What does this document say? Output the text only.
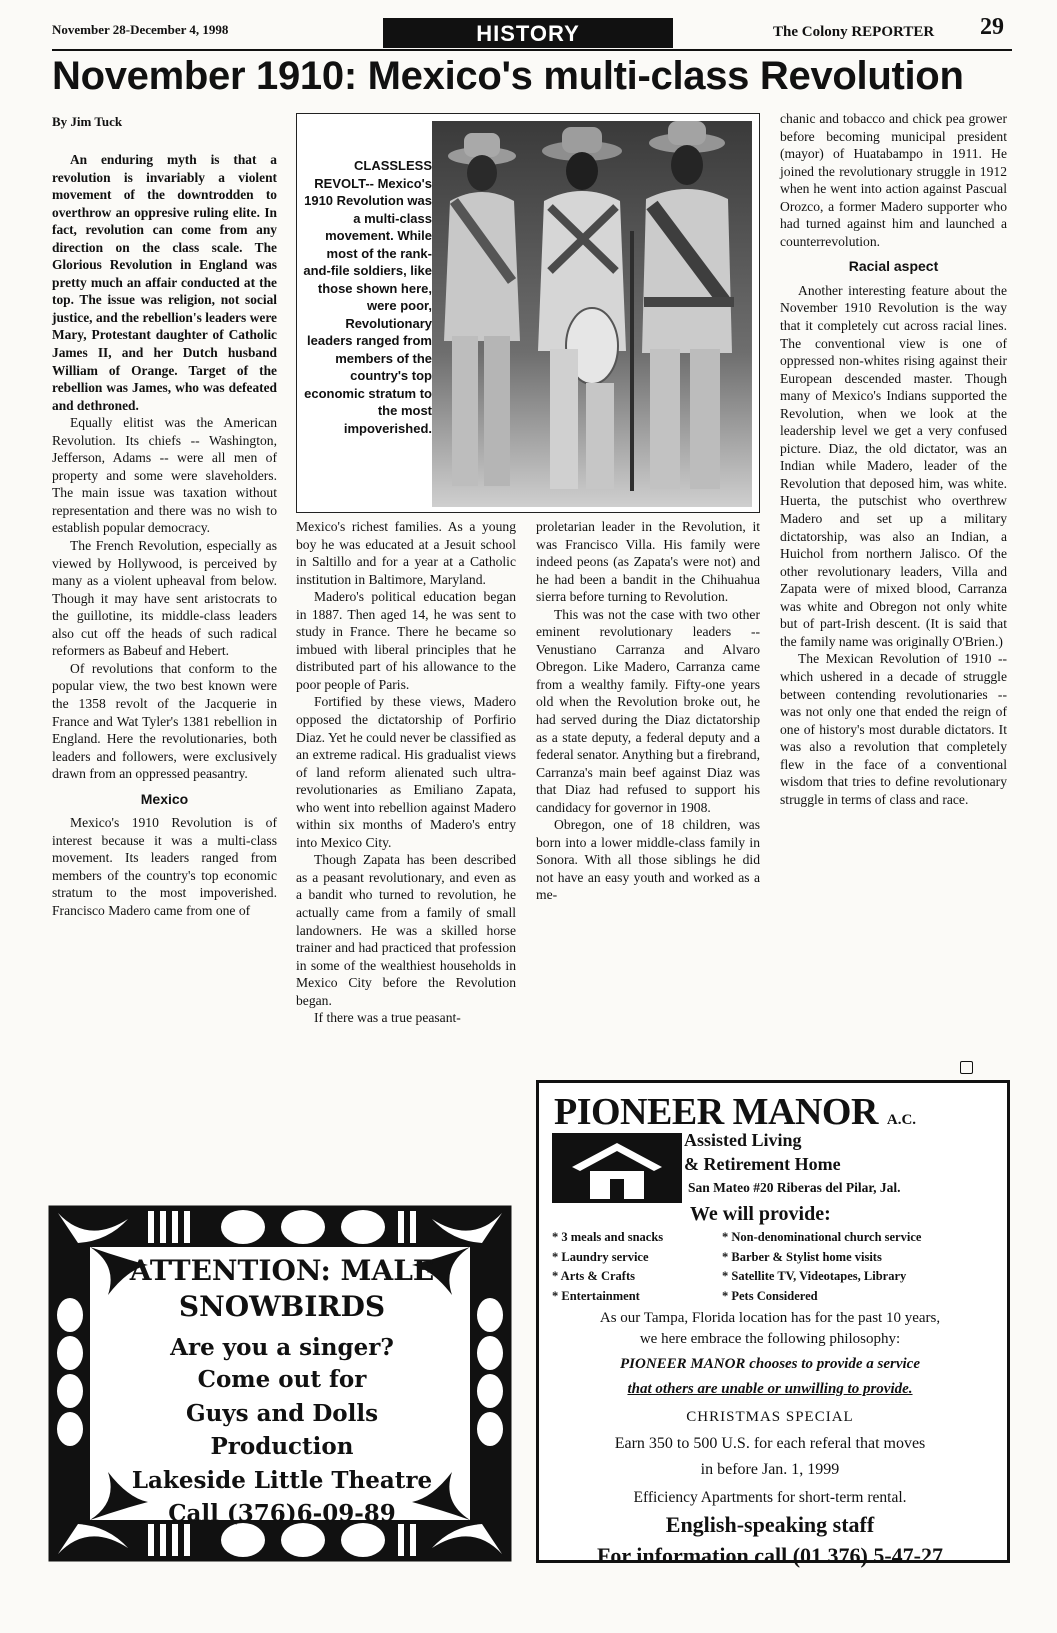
November 28-December 4, 1998	HISTORY	The Colony REPORTER 29
November 1910: Mexico's multi-class Revolution
By Jim Tuck

An enduring myth is that a revolution is invariably a violent movement of the downtrodden to overthrow an oppresive ruling elite. In fact, revolution can come from any direction on the class scale. The Glorious Revolution in England was pretty much an affair conducted at the top. The issue was religion, not social justice, and the rebellion's leaders were Mary, Protestant daughter of Catholic James II, and her Dutch husband William of Orange. Target of the rebellion was James, who was defeated and dethroned.

Equally elitist was the American Revolution. Its chiefs -- Washington, Jefferson, Adams -- were all men of property and some were slaveholders. The main issue was taxation without representation and there was no wish to establish popular democracy.

The French Revolution, especially as viewed by Hollywood, is perceived by many as a violent upheaval from below. Though it may have sent aristocrats to the guillotine, its middle-class leaders also cut off the heads of such radical reformers as Babeuf and Hebert.

Of revolutions that conform to the popular view, the two best known were the 1358 revolt of the Jacquerie in France and Wat Tyler's 1381 rebellion in England. Here the revolutionaries, both leaders and followers, were exclusively drawn from an oppressed peasantry.

Mexico

Mexico's 1910 Revolution is of interest because it was a multi-class movement. Its leaders ranged from members of the country's top economic stratum to the most impoverished. Francisco Madero came from one of

CLASSLESS REVOLT-- Mexico's 1910 Revolution was a multi-class movement. While most of the rank-and-file soldiers, like those shown here, were poor, Revolutionary leaders ranged from members of the country's top economic stratum to the most impoverished.

Mexico's richest families. As a young boy he was educated at a Jesuit school in Saltillo and for a year at a Catholic institution in Baltimore, Maryland.

Madero's political education began in 1887. Then aged 14, he was sent to study in France. There he became so imbued with liberal principles that he distributed part of his allowance to the poor people of Paris.

Fortified by these views, Madero opposed the dictatorship of Porfirio Diaz. Yet he could never be classified as an extreme radical. His gradualist views of land reform alienated such ultra-revolutionaries as Emiliano Zapata, who went into rebellion against Madero within six months of Madero's entry into Mexico City.

Though Zapata has been described as a peasant revolutionary, and even as a bandit who turned to revolution, he actually came from a family of small landowners. He was a skilled horse trainer and had practiced that profession in some of the wealthiest households in Mexico City before the Revolution began.

If there was a true peasant-

proletarian leader in the Revolution, it was Francisco Villa. His family were indeed peons (as Zapata's were not) and he had been a bandit in the Chihuahua sierra before turning to Revolution.

This was not the case with two other eminent revolutionary leaders -- Venustiano Carranza and Alvaro Obregon. Like Madero, Carranza came from a wealthy family. Fifty-one years old when the Revolution broke out, he had served during the Diaz dictatorship as a state deputy, a federal deputy and a federal senator. Anything but a firebrand, Carranza's main beef against Diaz was that Diaz had refused to support his candidacy for governor in 1908.

Obregon, one of 18 children, was born into a lower middle-class family in Sonora. With all those siblings he did not have an easy youth and worked as a me-

chanic and tobacco and chick pea grower before becoming municipal president (mayor) of Huatabampo in 1911. He joined the revolutionary struggle in 1912 when he went into action against Pascual Orozco, a former Madero supporter who had turned against him and launched a counterrevolution.

Racial aspect

Another interesting feature about the November 1910 Revolution is the way that it completely cut across racial lines. The conventional view is one of oppressed non-whites rising against their European descended master. Though many of Mexico's Indians supported the Revolution, when we look at the leadership level we get a very confused picture. Diaz, the old dictator, was an Indian while Madero, leader of the Revolution that deposed him, was white. Huerta, the putschist who overthrew Madero and set up a military dictatorship, was also an Indian, a Huichol from northern Jalisco. Of the other revolutionary leaders, Villa and Zapata were of mixed blood, Carranza was white and Obregon not only white but of part-Irish descent. (It is said that the family name was originally O'Brien.)

The Mexican Revolution of 1910 -- which ushered in a decade of struggle between contending revolutionaries -- was not only one that ended the reign of one of history's most durable dictators. It was also a revolution that completely flew in the face of a conventional wisdom that tries to define revolutionary struggle in terms of class and race.

PIONEER MANOR A.C.
Assisted Living
& Retirement Home
San Mateo #20 Riberas del Pilar, Jal.
We will provide:
* 3 meals and snacks
* Laundry service
* Arts & Crafts
* Entertainment
* Non-denominational church service
* Barber & Stylist home visits
* Satellite TV, Videotapes, Library
* Pets Considered
As our Tampa, Florida location has for the past 10 years,
we here embrace the following philosophy:
PIONEER MANOR chooses to provide a service
that others are unable or unwilling to provide.
CHRISTMAS SPECIAL
Earn 350 to 500 U.S. for each referal that moves
in before Jan. 1, 1999
Efficiency Apartments for short-term rental.
English-speaking staff
For information call (01 376) 5-47-27
ATTENTION: MALE
SNOWBIRDS
Are you a singer?
Come out for
Guys and Dolls
Production
Lakeside Little Theatre
Call (376)6-09-89
